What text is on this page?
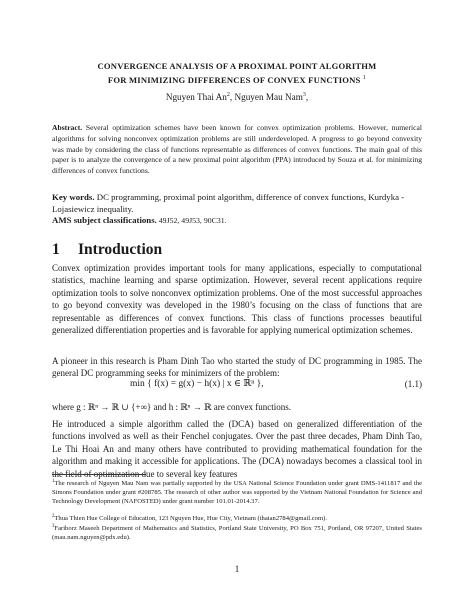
CONVERGENCE ANALYSIS OF A PROXIMAL POINT ALGORITHM
FOR MINIMIZING DIFFERENCES OF CONVEX FUNCTIONS $^1$
Nguyen Thai An$^2$, Nguyen Mau Nam$^3$,
Abstract. Several optimization schemes have been known for convex optimization problems. However, numerical algorithms for solving nonconvex optimization problems are still underdeveloped. A progress to go beyond convexity was made by considering the class of functions representable as differences of convex functions. The main goal of this paper is to analyze the convergence of a new proximal point algorithm (PPA) introduced by Souza et al. for minimizing differences of convex functions.
Key words. DC programming, proximal point algorithm, difference of convex functions, Kurdyka - Lojasiewicz inequality.
AMS subject classifications. 49J52, 49J53, 90C31.
1 Introduction
Convex optimization provides important tools for many applications, especially to computational statistics, machine learning and sparse optimization. However, several recent applications require optimization tools to solve nonconvex optimization problems. One of the most successful approaches to go beyond convexity was developed in the 1980’s focusing on the class of functions that are representable as differences of convex functions. This class of functions processes beautiful generalized differentiation properties and is favorable for applying numerical optimization schemes.
A pioneer in this research is Pham Dinh Tao who started the study of DC programming in 1985. The general DC programming seeks for minimizers of the problem:
min { f(x) = g(x) − h(x) | x ∈ ℝⁿ },	(1.1)
where g : ℝⁿ → ℝ ∪ {+∞} and h : ℝⁿ → ℝ are convex functions.
He introduced a simple algorithm called the (DCA) based on generalized differentiation of the functions involved as well as their Fenchel conjugates. Over the past three decades, Pham Dinh Tao, Le Thi Hoai An and many others have contributed to providing mathematical foundation for the algorithm and making it accessible for applications. The (DCA) nowadays becomes a classical tool in the field of optimization due to several key features
$^1$The research of Nguyen Mau Nam was partially supported by the USA National Science Foundation under grant DMS-1411817 and the Simons Foundation under grant #208785. The research of other author was supported by the Vietnam National Foundation for Science and Technology Development (NAFOSTED) under grant number 101.01-2014.37.
$^2$Thua Thien Hue College of Education, 123 Nguyen Hue, Hue City, Vietnam (thaian2784@gmail.com).
$^3$Fariborz Maseeh Department of Mathematics and Statistics, Portland State University, PO Box 751, Portland, OR 97207, United States (mau.nam.nguyen@pdx.edu).
1
